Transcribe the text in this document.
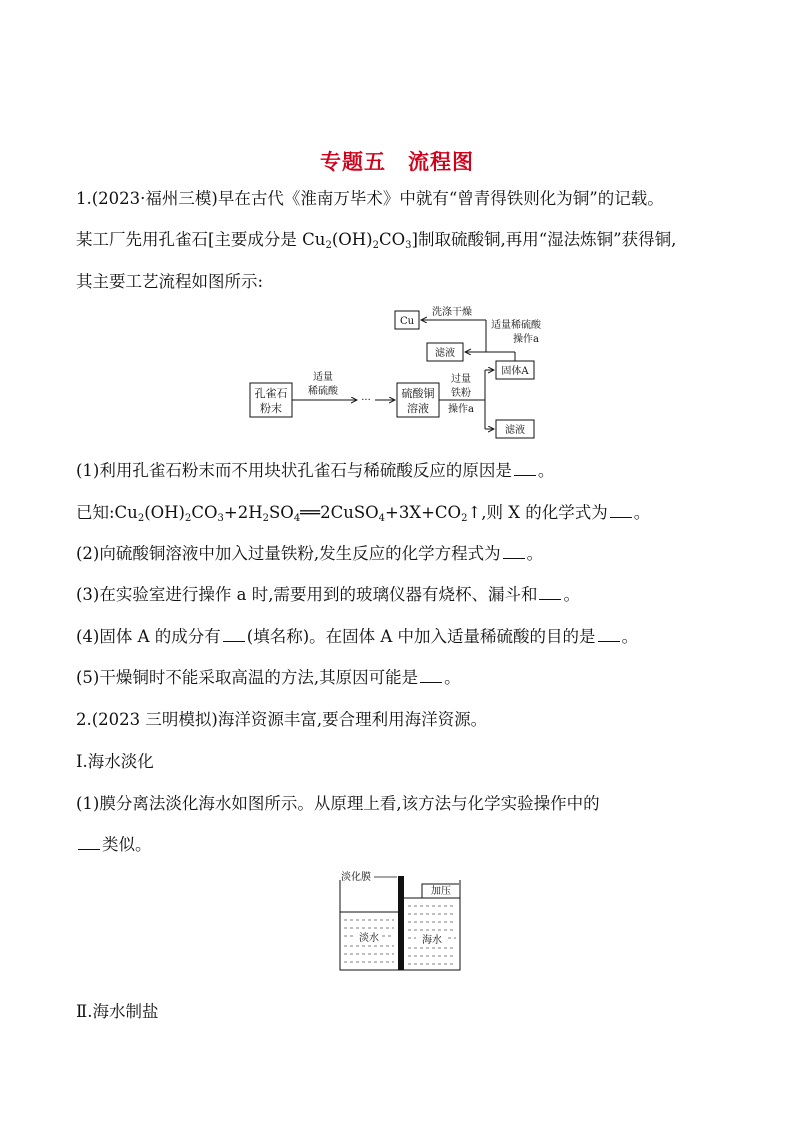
专题五　流程图
1.(2023·福州三模)早在古代《淮南万毕术》中就有“曾青得铁则化为铜”的记载。
某工厂先用孔雀石[主要成分是 $Cu_2(OH)_2CO_3$]制取硫酸铜,再用“湿法炼铜”获得铜,
其主要工艺流程如图所示:
孔雀石
粉末
适量
稀硫酸
···
硫酸铜
溶液
过量
铁粉
操作a
固体A
滤液
适量稀硫酸
操作a
滤液
洗涤干燥
Cu
(1)利用孔雀石粉末而不用块状孔雀石与稀硫酸反应的原因是 。
已知$:Cu_2(OH)_2CO_3+2H_2SO_4══2CuSO_4+3X+CO_2↑$,则 X 的化学式为 。
(2)向硫酸铜溶液中加入过量铁粉,发生反应的化学方程式为 。
(3)在实验室进行操作 a 时,需要用到的玻璃仪器有烧杯、漏斗和 。
(4)固体 A 的成分有 (填名称)。在固体 A 中加入适量稀硫酸的目的是 。
(5)干燥铜时不能采取高温的方法,其原因可能是 。
2.(2023 三明模拟)海洋资源丰富,要合理利用海洋资源。
Ⅰ.海水淡化
(1)膜分离法淡化海水如图所示。从原理上看,该方法与化学实验操作中的
类似。
淡化膜
加压
淡水	海水
Ⅱ.海水制盐
